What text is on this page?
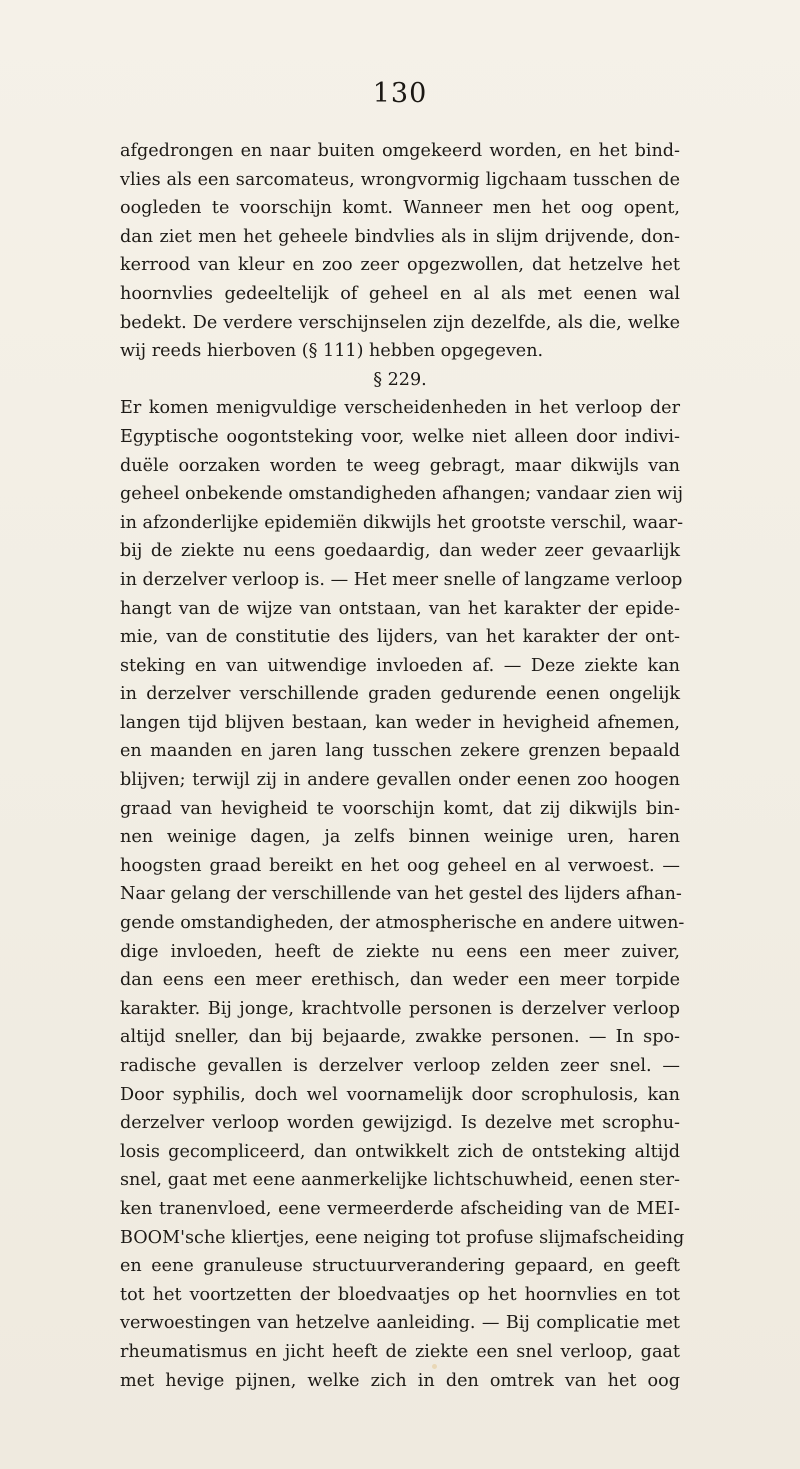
130
afgedrongen en naar buiten omgekeerd worden, en het bind-
vlies als een sarcomateus, wrongvormig ligchaam tusschen de
oogleden te voorschijn komt. Wanneer men het oog opent,
dan ziet men het geheele bindvlies als in slijm drijvende, don-
kerrood van kleur en zoo zeer opgezwollen, dat hetzelve het
hoornvlies gedeeltelijk of geheel en al als met eenen wal
bedekt. De verdere verschijnselen zijn dezelfde, als die, welke
wij reeds hierboven (§ 111) hebben opgegeven.
§ 229.
Er komen menigvuldige verscheidenheden in het verloop der
Egyptische oogontsteking voor, welke niet alleen door indivi-
duële oorzaken worden te weeg gebragt, maar dikwijls van
geheel onbekende omstandigheden afhangen; vandaar zien wij
in afzonderlijke epidemiën dikwijls het grootste verschil, waar-
bij de ziekte nu eens goedaardig, dan weder zeer gevaarlijk
in derzelver verloop is. — Het meer snelle of langzame verloop
hangt van de wijze van ontstaan, van het karakter der epide-
mie, van de constitutie des lijders, van het karakter der ont-
steking en van uitwendige invloeden af. — Deze ziekte kan
in derzelver verschillende graden gedurende eenen ongelijk
langen tijd blijven bestaan, kan weder in hevigheid afnemen,
en maanden en jaren lang tusschen zekere grenzen bepaald
blijven; terwijl zij in andere gevallen onder eenen zoo hoogen
graad van hevigheid te voorschijn komt, dat zij dikwijls bin-
nen weinige dagen, ja zelfs binnen weinige uren, haren
hoogsten graad bereikt en het oog geheel en al verwoest. —
Naar gelang der verschillende van het gestel des lijders afhan-
gende omstandigheden, der atmospherische en andere uitwen-
dige invloeden, heeft de ziekte nu eens een meer zuiver,
dan eens een meer erethisch, dan weder een meer torpide
karakter. Bij jonge, krachtvolle personen is derzelver verloop
altijd sneller, dan bij bejaarde, zwakke personen. — In spo-
radische gevallen is derzelver verloop zelden zeer snel. —
Door syphilis, doch wel voornamelijk door scrophulosis, kan
derzelver verloop worden gewijzigd. Is dezelve met scrophu-
losis gecompliceerd, dan ontwikkelt zich de ontsteking altijd
snel, gaat met eene aanmerkelijke lichtschuwheid, eenen ster-
ken tranenvloed, eene vermeerderde afscheiding van de MEI-
BOOM'sche kliertjes, eene neiging tot profuse slijmafscheiding
en eene granuleuse structuurverandering gepaard, en geeft
tot het voortzetten der bloedvaatjes op het hoornvlies en tot
verwoestingen van hetzelve aanleiding. — Bij complicatie met
rheumatismus en jicht heeft de ziekte een snel verloop, gaat
met hevige pijnen, welke zich in den omtrek van het oog
